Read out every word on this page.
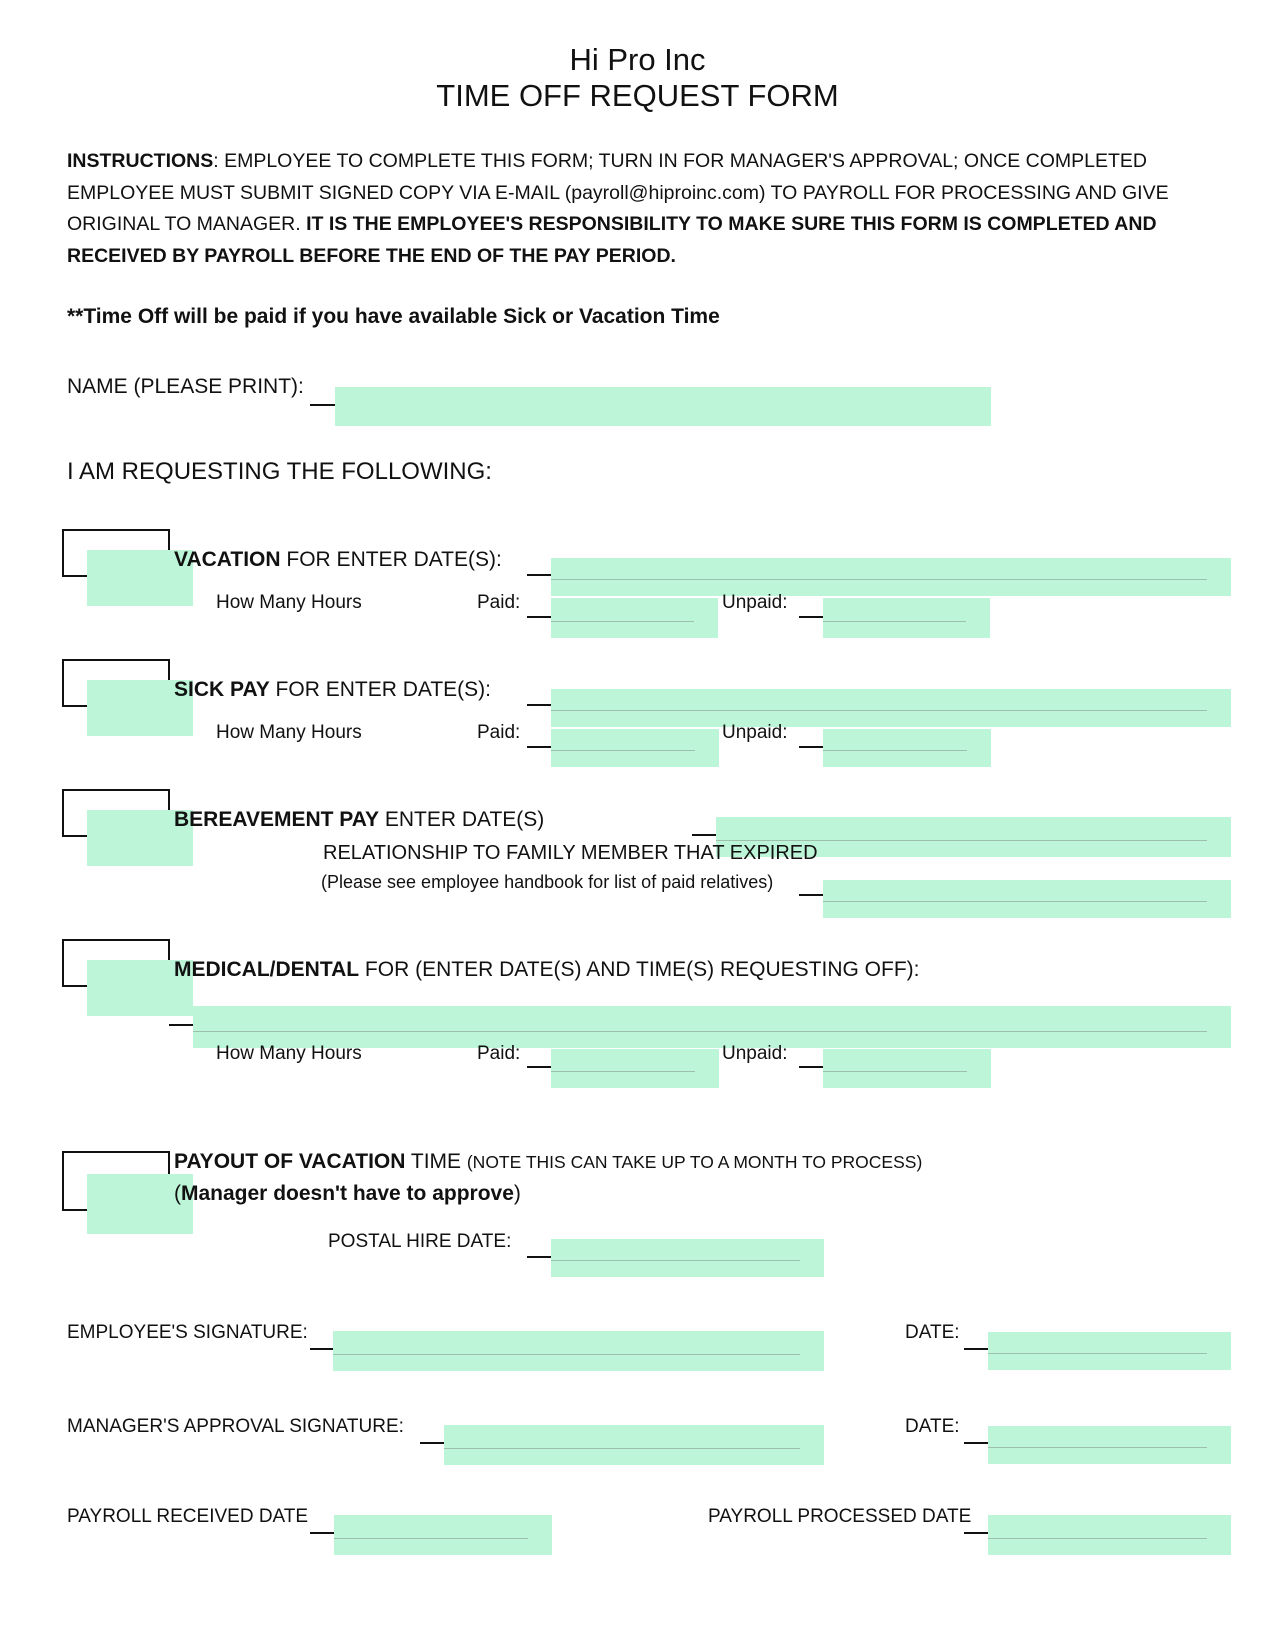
Hi Pro Inc
TIME OFF REQUEST FORM
INSTRUCTIONS: EMPLOYEE TO COMPLETE THIS FORM; TURN IN FOR MANAGER'S APPROVAL; ONCE COMPLETED EMPLOYEE MUST SUBMIT SIGNED COPY VIA E-MAIL (payroll@hiproinc.com) TO PAYROLL FOR PROCESSING AND GIVE ORIGINAL TO MANAGER. IT IS THE EMPLOYEE'S RESPONSIBILITY TO MAKE SURE THIS FORM IS COMPLETED AND RECEIVED BY PAYROLL BEFORE THE END OF THE PAY PERIOD.
**Time Off will be paid if you have available Sick or Vacation Time
NAME (PLEASE PRINT):
I AM REQUESTING THE FOLLOWING:
VACATION FOR ENTER DATE(S):
How Many Hours	Paid:	Unpaid:
SICK PAY FOR ENTER DATE(S):
How Many Hours	Paid:	Unpaid:
BEREAVEMENT PAY ENTER DATE(S)
RELATIONSHIP TO FAMILY MEMBER THAT EXPIRED
(Please see employee handbook for list of paid relatives)
MEDICAL/DENTAL FOR (ENTER DATE(S) AND TIME(S) REQUESTING OFF):
How Many Hours	Paid:	Unpaid:
PAYOUT OF VACATION TIME (NOTE THIS CAN TAKE UP TO A MONTH TO PROCESS)
(Manager doesn't have to approve)
POSTAL HIRE DATE:
EMPLOYEE'S SIGNATURE:	DATE:
MANAGER'S APPROVAL SIGNATURE:	DATE:
PAYROLL RECEIVED DATE	PAYROLL PROCESSED DATE
